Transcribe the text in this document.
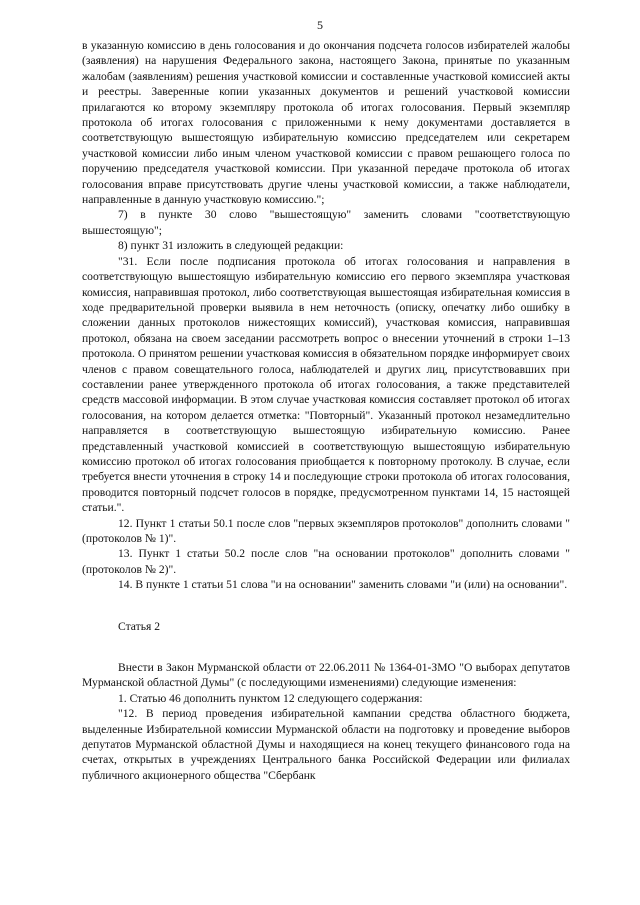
5

в указанную комиссию в день голосования и до окончания подсчета голосов избирателей жалобы (заявления) на нарушения Федерального закона, настоящего Закона, принятые по указанным жалобам (заявлениям) решения участковой комиссии и составленные участковой комиссией акты и реестры. Заверенные копии указанных документов и решений участковой комиссии прилагаются ко второму экземпляру протокола об итогах голосования. Первый экземпляр протокола об итогах голосования с приложенными к нему документами доставляется в соответствующую вышестоящую избирательную комиссию председателем или секретарем участковой комиссии либо иным членом участковой комиссии с правом решающего голоса по поручению председателя участковой комиссии. При указанной передаче протокола об итогах голосования вправе присутствовать другие члены участковой комиссии, а также наблюдатели, направленные в данную участковую комиссию.";

7) в пункте 30 слово "вышестоящую" заменить словами "соответствующую вышестоящую";

8) пункт 31 изложить в следующей редакции:

"31. Если после подписания протокола об итогах голосования и направления в соответствующую вышестоящую избирательную комиссию его первого экземпляра участковая комиссия, направившая протокол, либо соответствующая вышестоящая избирательная комиссия в ходе предварительной проверки выявила в нем неточность (описку, опечатку либо ошибку в сложении данных протоколов нижестоящих комиссий), участковая комиссия, направившая протокол, обязана на своем заседании рассмотреть вопрос о внесении уточнений в строки 1–13 протокола. О принятом решении участковая комиссия в обязательном порядке информирует своих членов с правом совещательного голоса, наблюдателей и других лиц, присутствовавших при составлении ранее утвержденного протокола об итогах голосования, а также представителей средств массовой информации. В этом случае участковая комиссия составляет протокол об итогах голосования, на котором делается отметка: "Повторный". Указанный протокол незамедлительно направляется в соответствующую вышестоящую избирательную комиссию. Ранее представленный участковой комиссией в соответствующую вышестоящую избирательную комиссию протокол об итогах голосования приобщается к повторному протоколу. В случае, если требуется внести уточнения в строку 14 и последующие строки протокола об итогах голосования, проводится повторный подсчет голосов в порядке, предусмотренном пунктами 14, 15 настоящей статьи.".

12. Пункт 1 статьи 50.1 после слов "первых экземпляров протоколов" дополнить словами "(протоколов № 1)".

13. Пункт 1 статьи 50.2 после слов "на основании протоколов" дополнить словами "(протоколов № 2)".

14. В пункте 1 статьи 51 слова "и на основании" заменить словами "и (или) на основании".

Статья 2

Внести в Закон Мурманской области от 22.06.2011 № 1364-01-ЗМО "О выборах депутатов Мурманской областной Думы" (с последующими изменениями) следующие изменения:

1. Статью 46 дополнить пунктом 12 следующего содержания:

"12. В период проведения избирательной кампании средства областного бюджета, выделенные Избирательной комиссии Мурманской области на подготовку и проведение выборов депутатов Мурманской областной Думы и находящиеся на конец текущего финансового года на счетах, открытых в учреждениях Центрального банка Российской Федерации или филиалах публичного акционерного общества "Сбербанк
